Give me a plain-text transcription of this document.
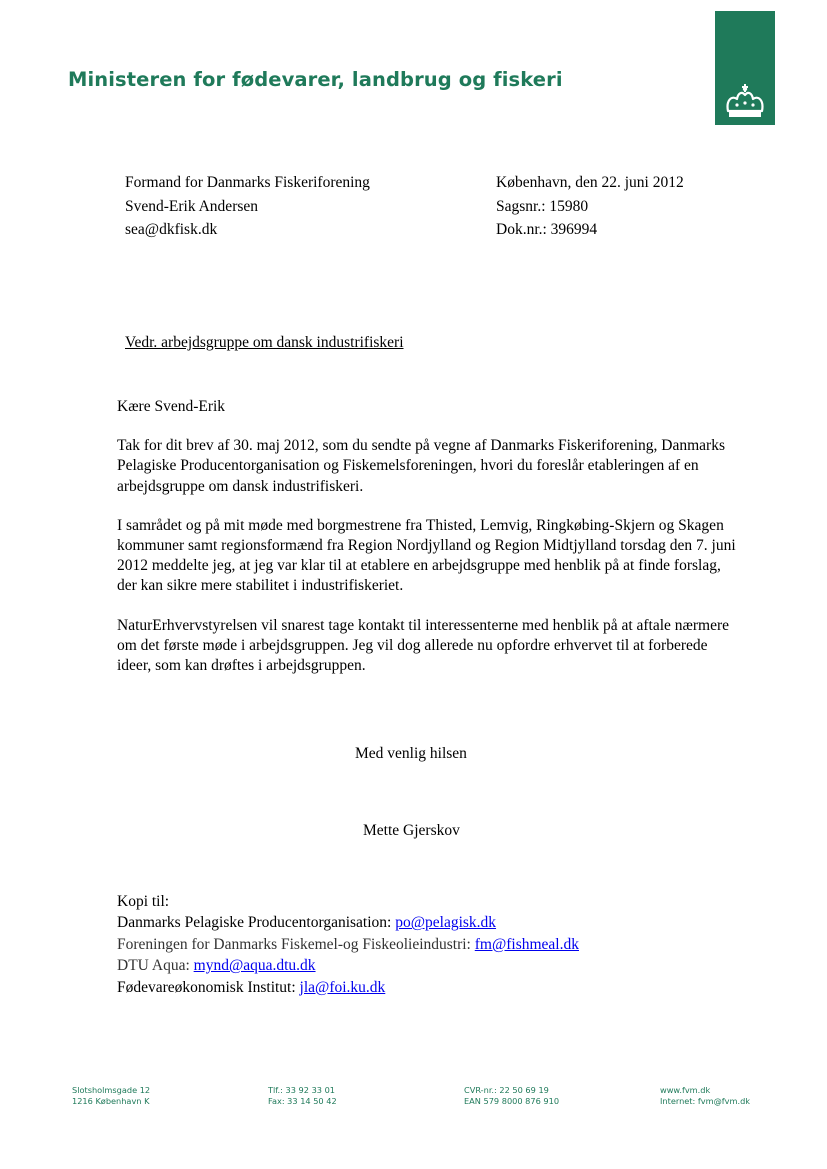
Ministeren for fødevarer, landbrug og fiskeri
Formand for Danmarks Fiskeriforening
Svend-Erik Andersen
sea@dkfisk.dk
København, den 22. juni 2012
Sagsnr.: 15980
Dok.nr.: 396994
Vedr. arbejdsgruppe om dansk industrifiskeri

Kære Svend-Erik

Tak for dit brev af 30. maj 2012, som du sendte på vegne af Danmarks Fiskeriforening, Danmarks Pelagiske Producentorganisation og Fiskemelsforeningen, hvori du foreslår etableringen af en arbejdsgruppe om dansk industrifiskeri.

I samrådet og på mit møde med borgmestrene fra Thisted, Lemvig, Ringkøbing-Skjern og Skagen kommuner samt regionsformænd fra Region Nordjylland og Region Midtjylland torsdag den 7. juni 2012 meddelte jeg, at jeg var klar til at etablere en arbejdsgruppe med henblik på at finde forslag, der kan sikre mere stabilitet i industrifiskeriet.

NaturErhvervstyrelsen vil snarest tage kontakt til interessenterne med henblik på at aftale nærmere om det første møde i arbejdsgruppen. Jeg vil dog allerede nu opfordre erhvervet til at forberede ideer, som kan drøftes i arbejdsgruppen.

Med venlig hilsen
Mette Gjerskov
Kopi til:
Danmarks Pelagiske Producentorganisation: po@pelagisk.dk
Foreningen for Danmarks Fiskemel-og Fiskeolieindustri: fm@fishmeal.dk
DTU Aqua: mynd@aqua.dtu.dk
Fødevareøkonomisk Institut: jla@foi.ku.dk
Slotsholmsgade 12
1216 København K
Tlf.: 33 92 33 01
Fax: 33 14 50 42
CVR-nr.: 22 50 69 19
EAN 579 8000 876 910
www.fvm.dk
Internet: fvm@fvm.dk
